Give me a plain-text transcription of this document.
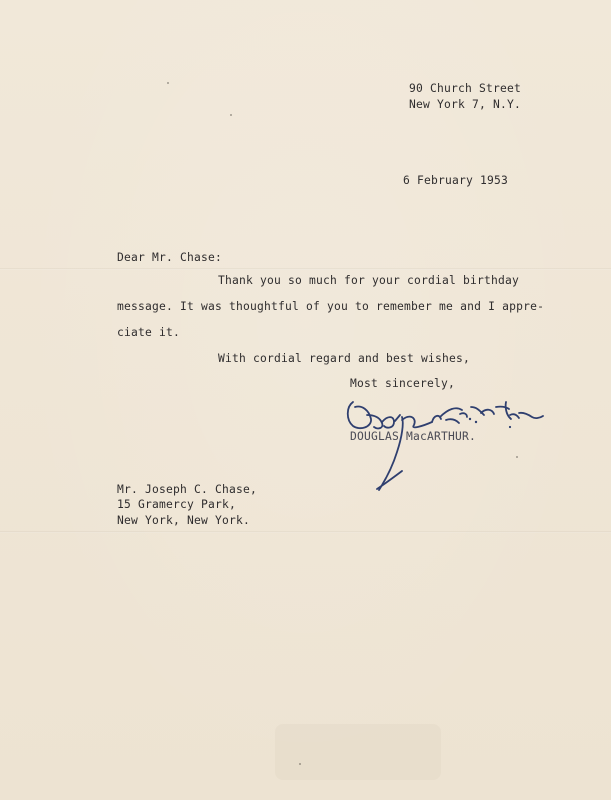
90 Church Street
New York 7, N.Y.
6 February 1953
Dear Mr. Chase:
Thank you so much for your cordial birthday
message. It was thoughtful of you to remember me and I appre-
ciate it.
With cordial regard and best wishes,
Most sincerely,
DOUGLAS MacARTHUR.
Mr. Joseph C. Chase,
15 Gramercy Park,
New York, New York.
